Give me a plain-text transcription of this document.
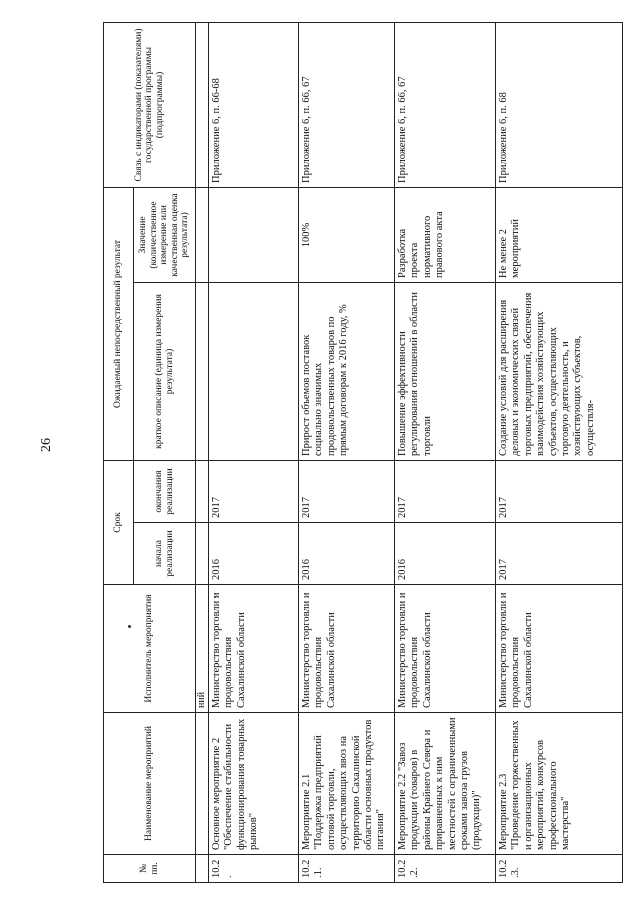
26
№ пп.	Наименование мероприятий	Исполнитель мероприятия	Срок		Ожидаемый непосредственный результат		Связь с индикаторами (показателями) государственной программы (подпрограммы)
			начала реализации	окончания реализации	краткое описание (единица измерения результата)	Значение (количественное измерение или качественная оценка результата)	
		ний					
10.2.	Основное мероприятие 2 "Обеспечение стабильности функционирования товарных рынков"	Министерство торговли и продовольствия Сахалинской области	2016	2017			Приложение 6, п. 66-68
10.2.1.	Мероприятие 2.1 "Поддержка предприятий оптовой торговли, осуществляющих ввоз на территорию Сахалинской области основных продуктов питания"	Министерство торговли и продовольствия Сахалинской области	2016	2017	Прирост объемов поставок социально значимых продовольственных товаров по прямым договорам к 2016 году, %	100%	Приложение 6, п. 66, 67
10.2.2.	Мероприятие 2.2 "Завоз продукции (товаров) в районы Крайнего Севера и приравненных к ним местностей с ограниченными сроками завоза грузов (продукции)"	Министерство торговли и продовольствия Сахалинской области	2016	2017	Повышение эффективности регулирования отношений в области торговли	Разработка проекта нормативного правового акта	Приложение 6, п. 66, 67
10.2.3.	Мероприятие 2.3 "Проведение торжественных и организационных мероприятий, конкурсов профессионального мастерства"	Министерство торговли и продовольствия Сахалинской области	2017	2017	Создание условий для расширения деловых и экономических связей торговых предприятий, обеспечения взаимодействия хозяйствующих субъектов, осуществляющих торговую деятельность, и хозяйствующих субъектов, осуществля-	Не менее 2 мероприятий	Приложение 6, п. 68
